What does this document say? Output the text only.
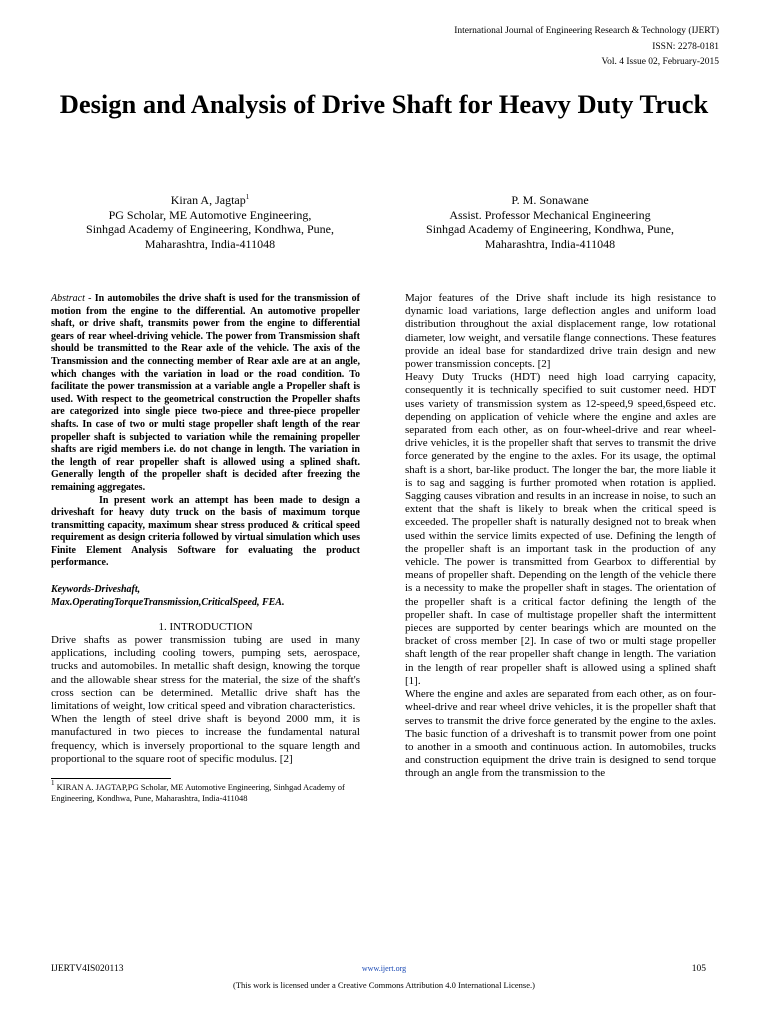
International Journal of Engineering Research & Technology (IJERT)
ISSN: 2278-0181
Vol. 4 Issue 02, February-2015
Design and Analysis of Drive Shaft for Heavy Duty Truck
Kiran A, Jagtap$^1$
PG Scholar, ME Automotive Engineering,
Sinhgad Academy of Engineering, Kondhwa, Pune,
Maharashtra, India-411048
P. M. Sonawane
Assist. Professor Mechanical Engineering
Sinhgad Academy of Engineering, Kondhwa, Pune,
Maharashtra, India-411048

Abstract - In automobiles the drive shaft is used for the transmission of motion from the engine to the differential. An automotive propeller shaft, or drive shaft, transmits power from the engine to differential gears of rear wheel-driving vehicle. The power from Transmission shaft should be transmitted to the Rear axle of the vehicle. The axis of the Transmission and the connecting member of Rear axle are at an angle, which changes with the variation in load or the road condition. To facilitate the power transmission at a variable angle a Propeller shaft is used. With respect to the geometrical construction the Propeller shafts are categorized into single piece two-piece and three-piece propeller shafts. In case of two or multi stage propeller shaft length of the rear propeller shaft is subjected to variation while the remaining propeller shafts are rigid members i.e. do not change in length. The variation in the length of rear propeller shaft is allowed using a splined shaft. Generally length of the propeller shaft is decided after freezing the remaining aggregates.

In present work an attempt has been made to design a driveshaft for heavy duty truck on the basis of maximum torque transmitting capacity, maximum shear stress produced & critical speed requirement as design criteria followed by virtual simulation which uses Finite Element Analysis Software for evaluating the product performance.

Keywords-Driveshaft,
Max.OperatingTorqueTransmission,CriticalSpeed, FEA.
1. INTRODUCTION

Drive shafts as power transmission tubing are used in many applications, including cooling towers, pumping sets, aerospace, trucks and automobiles. In metallic shaft design, knowing the torque and the allowable shear stress for the material, the size of the shaft's cross section can be determined. Metallic drive shaft has the limitations of weight, low critical speed and vibration characteristics.

When the length of steel drive shaft is beyond 2000 mm, it is manufactured in two pieces to increase the fundamental natural frequency, which is inversely proportional to the square length and proportional to the square root of specific modulus. [2]

$^1$ KIRAN A. JAGTAP,PG Scholar, ME Automotive Engineering, Sinhgad Academy of Engineering, Kondhwa, Pune, Maharashtra, India-411048

Major features of the Drive shaft include its high resistance to dynamic load variations, large deflection angles and uniform load distribution throughout the axial displacement range, low rotational diameter, low weight, and versatile flange connections. These features provide an ideal base for standardized drive train design and new power transmission concepts. [2]

Heavy Duty Trucks (HDT) need high load carrying capacity, consequently it is technically specified to suit customer need. HDT uses variety of transmission system as 12-speed,9 speed,6speed etc. depending on application of vehicle where the engine and axles are separated from each other, as on four-wheel-drive and rear wheel-drive vehicles, it is the propeller shaft that serves to transmit the drive force generated by the engine to the axles. For its usage, the optimal shaft is a short, bar-like product. The longer the bar, the more liable it is to sag and sagging is further promoted when rotation is applied. Sagging causes vibration and results in an increase in noise, to such an extent that the shaft is likely to break when the critical speed is exceeded. The propeller shaft is naturally designed not to break when used within the service limits expected of use. Defining the length of the propeller shaft is an important task in the production of any vehicle. The power is transmitted from Gearbox to differential by means of propeller shaft. Depending on the length of the vehicle there is a necessity to make the propeller shaft in stages. The orientation of the propeller shaft is a critical factor defining the length of the propeller shaft. In case of multistage propeller shaft the intermittent pieces are supported by center bearings which are mounted on the bracket of cross member [2]. In case of two or multi stage propeller shaft length of the rear propeller shaft change in length. The variation in the length of rear propeller shaft is allowed using a splined shaft [1].

Where the engine and axles are separated from each other, as on four-wheel-drive and rear wheel drive vehicles, it is the propeller shaft that serves to transmit the drive force generated by the engine to the axles. The basic function of a driveshaft is to transmit power from one point to another in a smooth and continuous action. In automobiles, trucks and construction equipment the drive train is designed to send torque through an angle from the transmission to the

IJERTV4IS020113	www.ijert.org	105
(This work is licensed under a Creative Commons Attribution 4.0 International License.)
